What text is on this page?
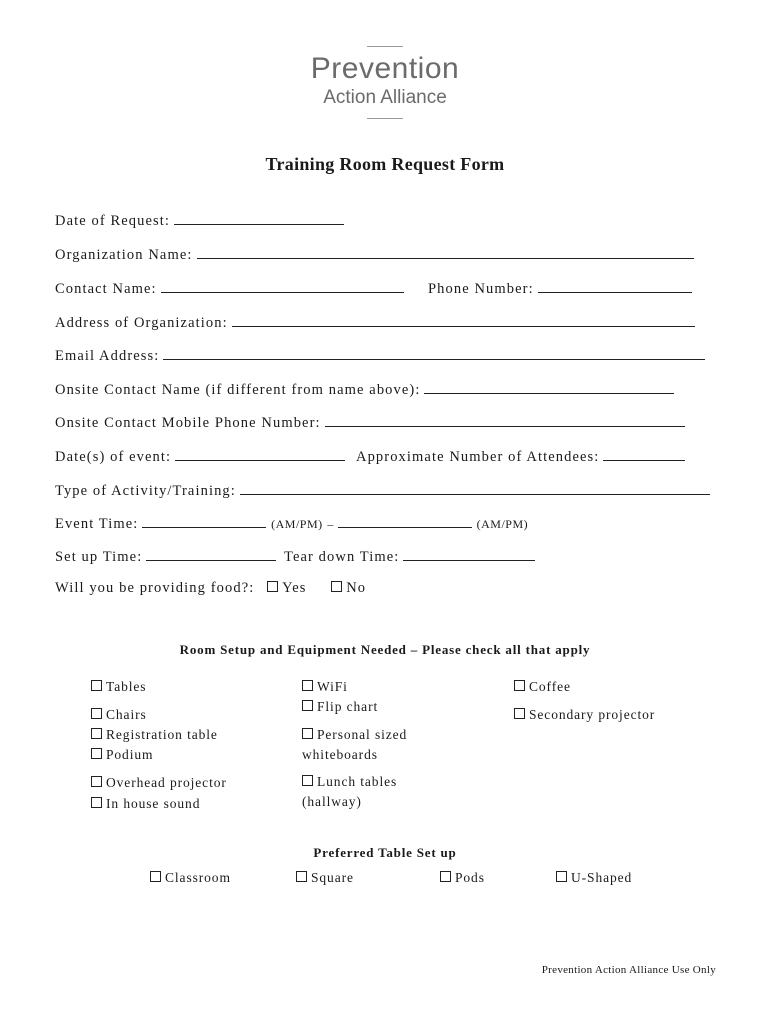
Prevention
Action Alliance
Training Room Request Form
Date of Request:
Organization Name:
Contact Name:	Phone Number:
Address of Organization:
Email Address:
Onsite Contact Name (if different from name above):
Onsite Contact Mobile Phone Number:
Date(s) of event:	Approximate Number of Attendees:
Type of Activity/Training:
Event Time:	(AM/PM) –	(AM/PM)
Set up Time:	Tear down Time:
Will you be providing food?: Yes	No
Room Setup and Equipment Needed – Please check all that apply
Tables
Chairs
Registration table
Podium
Overhead projector
In house sound
WiFi
Flip chart
Personal sized
whiteboards
Lunch tables
(hallway)
Coffee
Secondary projector
Preferred Table Set up
Classroom	Square	Pods	U-Shaped
Prevention Action Alliance Use Only
